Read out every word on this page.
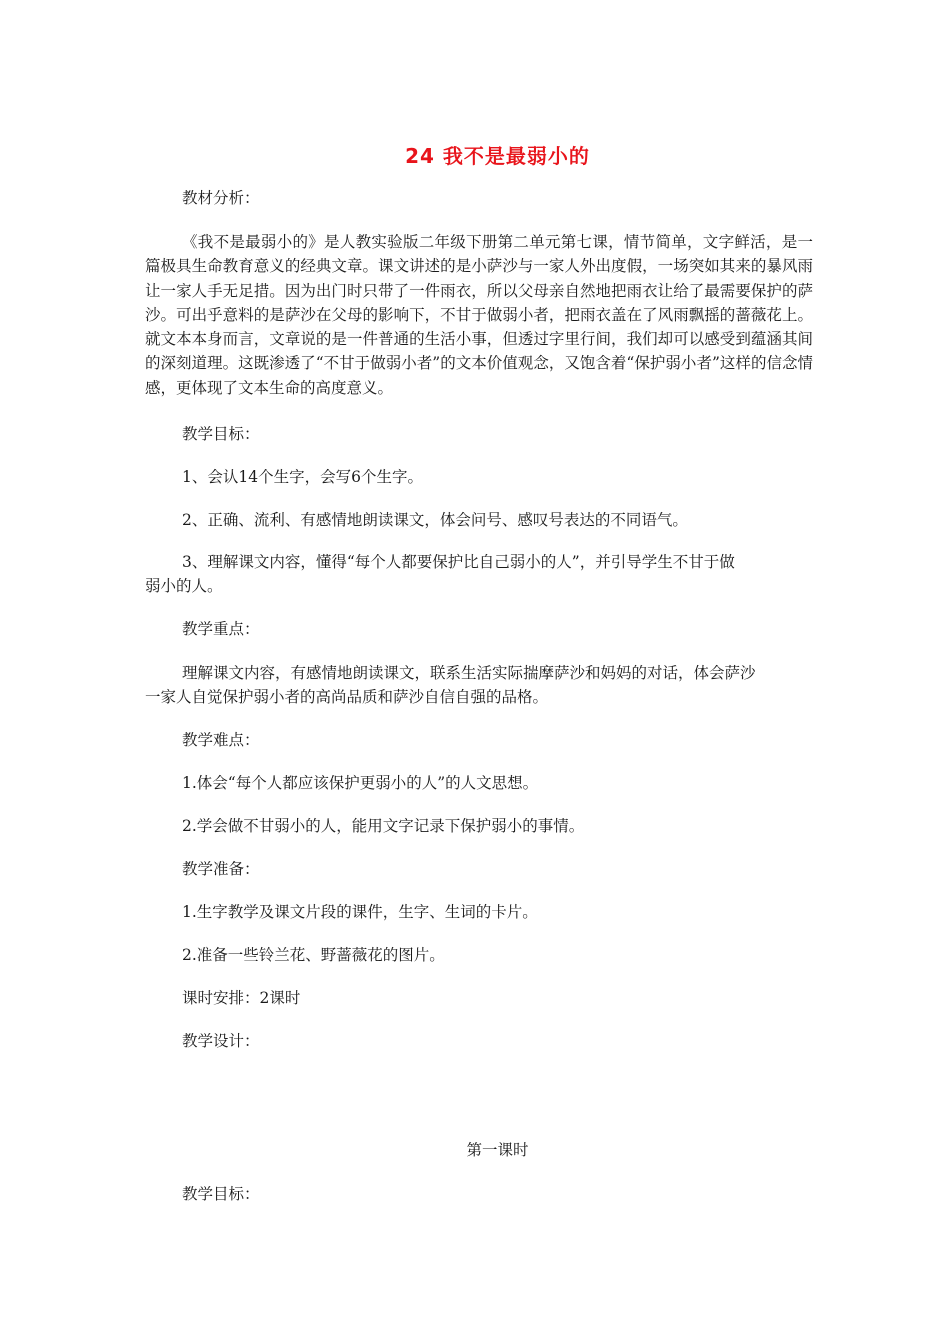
24 我不是最弱小的
教材分析：
《我不是最弱小的》是人教实验版二年级下册第二单元第七课，情节简单，文字鲜活，是一篇极具生命教育意义的经典文章。课文讲述的是小萨沙与一家人外出度假，一场突如其来的暴风雨让一家人手无足措。因为出门时只带了一件雨衣，所以父母亲自然地把雨衣让给了最需要保护的萨沙。可出乎意料的是萨沙在父母的影响下，不甘于做弱小者，把雨衣盖在了风雨飘摇的蔷薇花上。就文本本身而言，文章说的是一件普通的生活小事，但透过字里行间，我们却可以感受到蕴涵其间的深刻道理。这既渗透了“不甘于做弱小者”的文本价值观念，又饱含着“保护弱小者”这样的信念情感，更体现了文本生命的高度意义。
教学目标：
1、会认14个生字，会写6个生字。
2、正确、流利、有感情地朗读课文，体会问号、感叹号表达的不同语气。
3、理解课文内容，懂得“每个人都要保护比自己弱小的人”，并引导学生不甘于做
弱小的人。
教学重点：
理解课文内容，有感情地朗读课文，联系生活实际揣摩萨沙和妈妈的对话，体会萨沙
一家人自觉保护弱小者的高尚品质和萨沙自信自强的品格。
教学难点：
1.体会“每个人都应该保护更弱小的人”的人文思想。
2.学会做不甘弱小的人，能用文字记录下保护弱小的事情。
教学准备：
1.生字教学及课文片段的课件，生字、生词的卡片。
2.准备一些铃兰花、野蔷薇花的图片。
课时安排：2课时
教学设计：
第一课时
教学目标：
